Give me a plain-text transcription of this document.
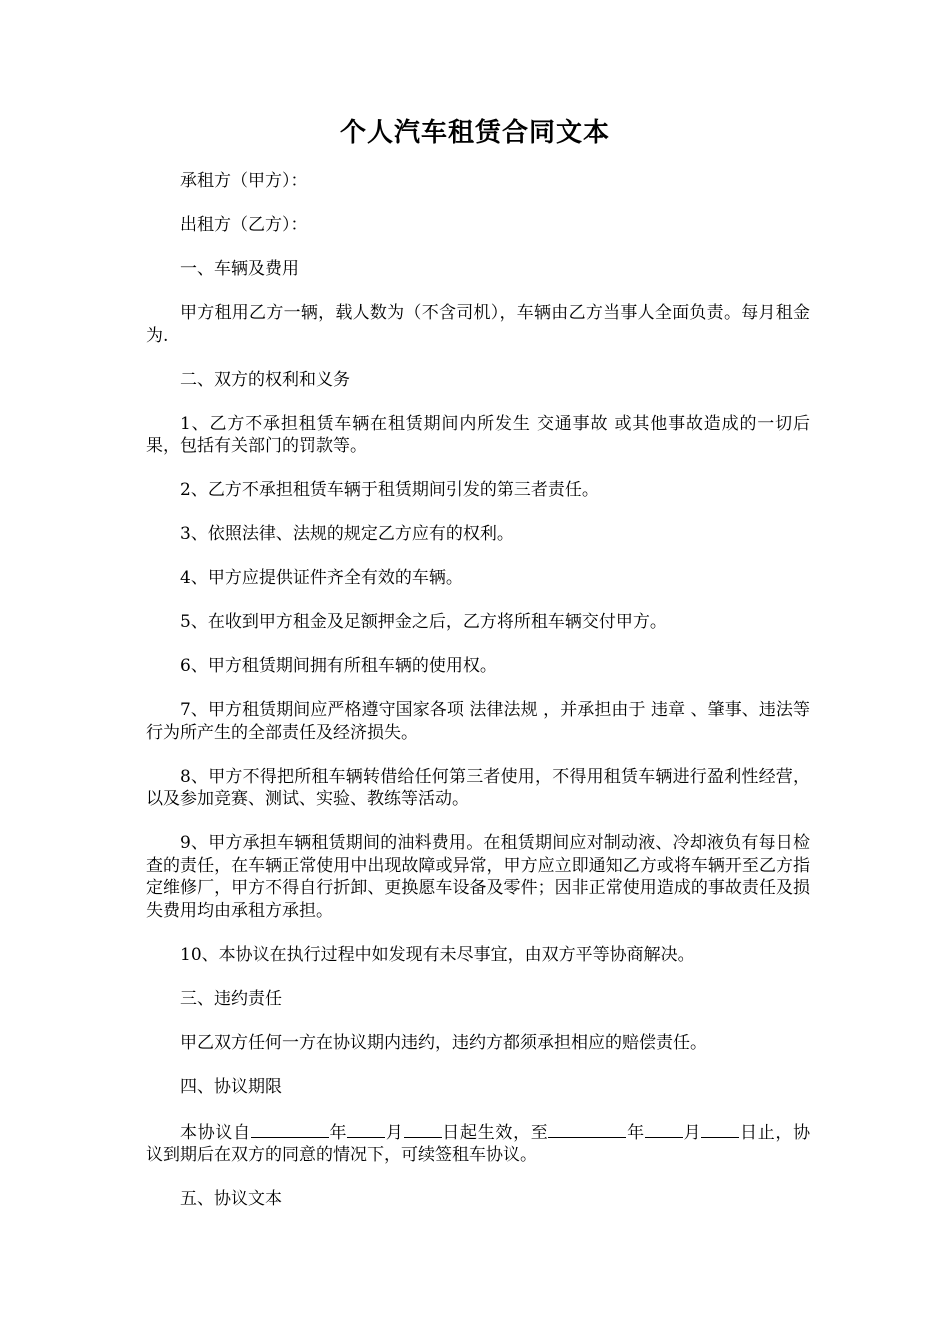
个人汽车租赁合同文本

承租方（甲方）：

出租方（乙方）：

一、车辆及费用

甲方租用乙方一辆，载人数为（不含司机），车辆由乙方当事人全面负责。每月租金为.

二、双方的权利和义务

1、乙方不承担租赁车辆在租赁期间内所发生 交通事故 或其他事故造成的一切后果，包括有关部门的罚款等。

2、乙方不承担租赁车辆于租赁期间引发的第三者责任。

3、依照法律、法规的规定乙方应有的权利。

4、甲方应提供证件齐全有效的车辆。

5、在收到甲方租金及足额押金之后，乙方将所租车辆交付甲方。

6、甲方租赁期间拥有所租车辆的使用权。

7、甲方租赁期间应严格遵守国家各项 法律法规 ，并承担由于 违章 、肇事、违法等行为所产生的全部责任及经济损失。

8、甲方不得把所租车辆转借给任何第三者使用，不得用租赁车辆进行盈利性经营，以及参加竞赛、测试、实验、教练等活动。

9、甲方承担车辆租赁期间的油料费用。在租赁期间应对制动液、冷却液负有每日检查的责任，在车辆正常使用中出现故障或异常，甲方应立即通知乙方或将车辆开至乙方指定维修厂，甲方不得自行折卸、更换愿车设备及零件；因非正常使用造成的事故责任及损失费用均由承租方承担。

10、本协议在执行过程中如发现有未尽事宜，由双方平等协商解决。

三、违约责任

甲乙双方任何一方在协议期内违约，违约方都须承担相应的赔偿责任。

四、协议期限

本协议自	年 月 日起生效，至	年 月 日止，协议到期后在双方的同意的情况下，可续签租车协议。

五、协议文本
